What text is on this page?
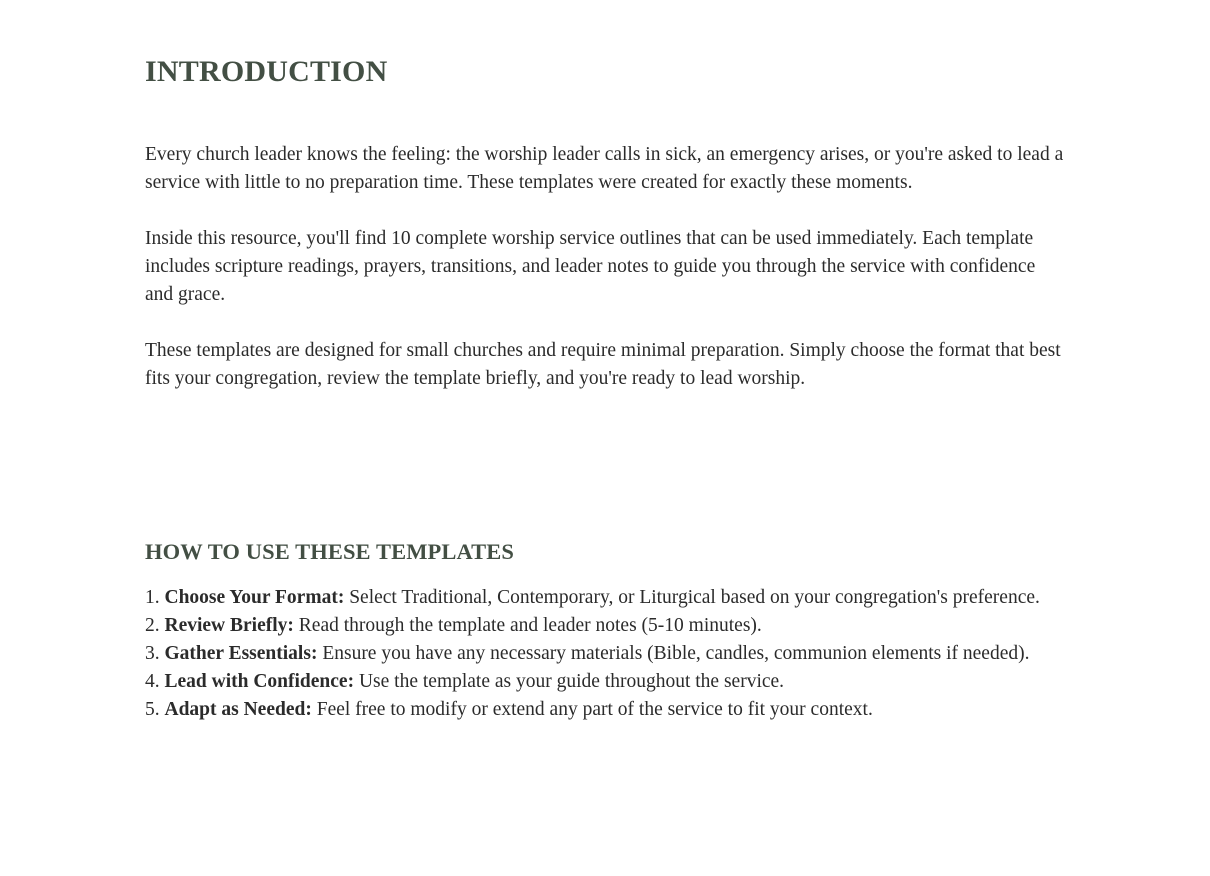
INTRODUCTION

Every church leader knows the feeling: the worship leader calls in sick, an emergency arises, or you're asked to lead a service with little to no preparation time. These templates were created for exactly these moments.

Inside this resource, you'll find 10 complete worship service outlines that can be used immediately. Each template includes scripture readings, prayers, transitions, and leader notes to guide you through the service with confidence and grace.

These templates are designed for small churches and require minimal preparation. Simply choose the format that best fits your congregation, review the template briefly, and you're ready to lead worship.

HOW TO USE THESE TEMPLATES
Choose Your Format: Select Traditional, Contemporary, or Liturgical based on your congregation's preference.
Review Briefly: Read through the template and leader notes (5-10 minutes).
Gather Essentials: Ensure you have any necessary materials (Bible, candles, communion elements if needed).
Lead with Confidence: Use the template as your guide throughout the service.
Adapt as Needed: Feel free to modify or extend any part of the service to fit your context.
